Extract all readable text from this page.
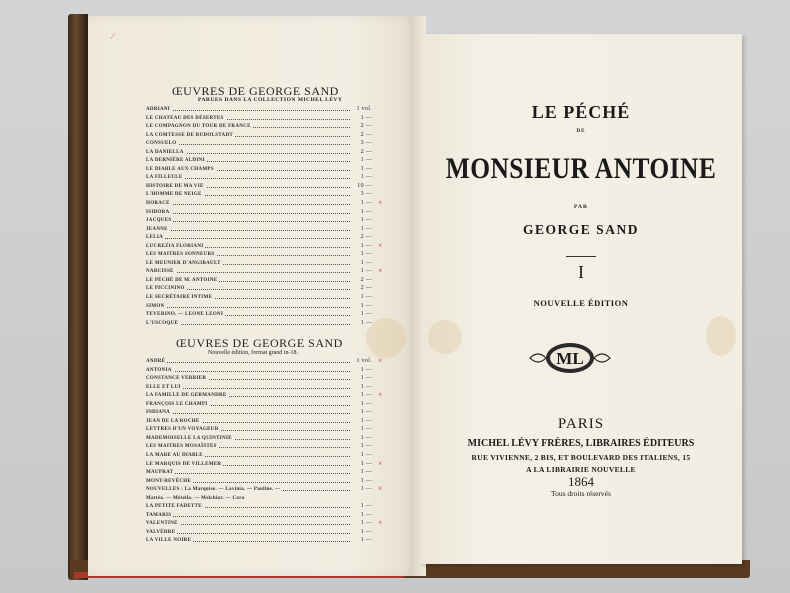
⁄
ŒUVRES DE GEORGE SAND
PARUES DANS LA COLLECTION MICHEL LÉVY
ADRIANI	1 vol.
LE CHATEAU DES DÉSERTES	1 —
LE COMPAGNON DU TOUR DE FRANCE	2 —
LA COMTESSE DE RUDOLSTADT	2 —
CONSUELO	3 —
LA DANIELLA	2 —
LA DERNIÈRE ALDINI	1 —
LE DIABLE AUX CHAMPS	1 —
LA FILLEULE	1 —
HISTOIRE DE MA VIE	10 —
L'HOMME DE NEIGE	3 —
HORACE	1 — ×
ISIDORA	1 —
JACQUES	1 —
JEANNE	1 —
LELIA	2 —
LUCREZIA FLORIANI	1 — ×
LES MAITRES SONNEURS	1 —
LE MEUNIER D'ANGIBAULT	1 —
NARCISSE	1 — ×
LE PÉCHÉ DE M. ANTOINE	2 —
LE PICCININO	2 —
LE SECRÉTAIRE INTIME	1 —
SIMON	1 —
TEVERINO. — LEONE LEONI	1 —
L'USCOQUE	1 —
ŒUVRES DE GEORGE SAND
Nouvelle édition, format grand in-18.
ANDRÉ	1 vol. ×
ANTONIA	1 —
CONSTANCE VERRIER	1 —
ELLE ET LUI	1 —
LA FAMILLE DE GERMANDRE	1 — ×
FRANÇOIS LE CHAMPI	1 —
INDIANA	1 —
JEAN DE LA ROCHE	1 —
LETTRES D'UN VOYAGEUR	1 —
MADEMOISELLE LA QUINTINIE	1 —
LES MAITRES MOSAÏSTES	1 —
LA MARE AU DIABLE	1 —
LE MARQUIS DE VILLEMER	1 — ×
MAUPRAT	1 —
MONT-REVÊCHE	1 —
NOUVELLES : La Marquise. — Lavinia. — Pauline. —	1 — ×
Mattéa. — Métella. — Melchior. — Cora
LA PETITE FADETTE	1 —
TAMARIS	1 —
VALENTINE	1 — ×
VALVÈDRE	1 —
LA VILLE NOIRE	1 —
LE PÉCHÉ
DE
MONSIEUR ANTOINE
PAR
GEORGE SAND
I
NOUVELLE ÉDITION
ML
PARIS
MICHEL LÉVY FRÈRES, LIBRAIRES ÉDITEURS
RUE VIVIENNE, 2 BIS, ET BOULEVARD DES ITALIENS, 15
A LA LIBRAIRIE NOUVELLE
1864
Tous droits réservés
